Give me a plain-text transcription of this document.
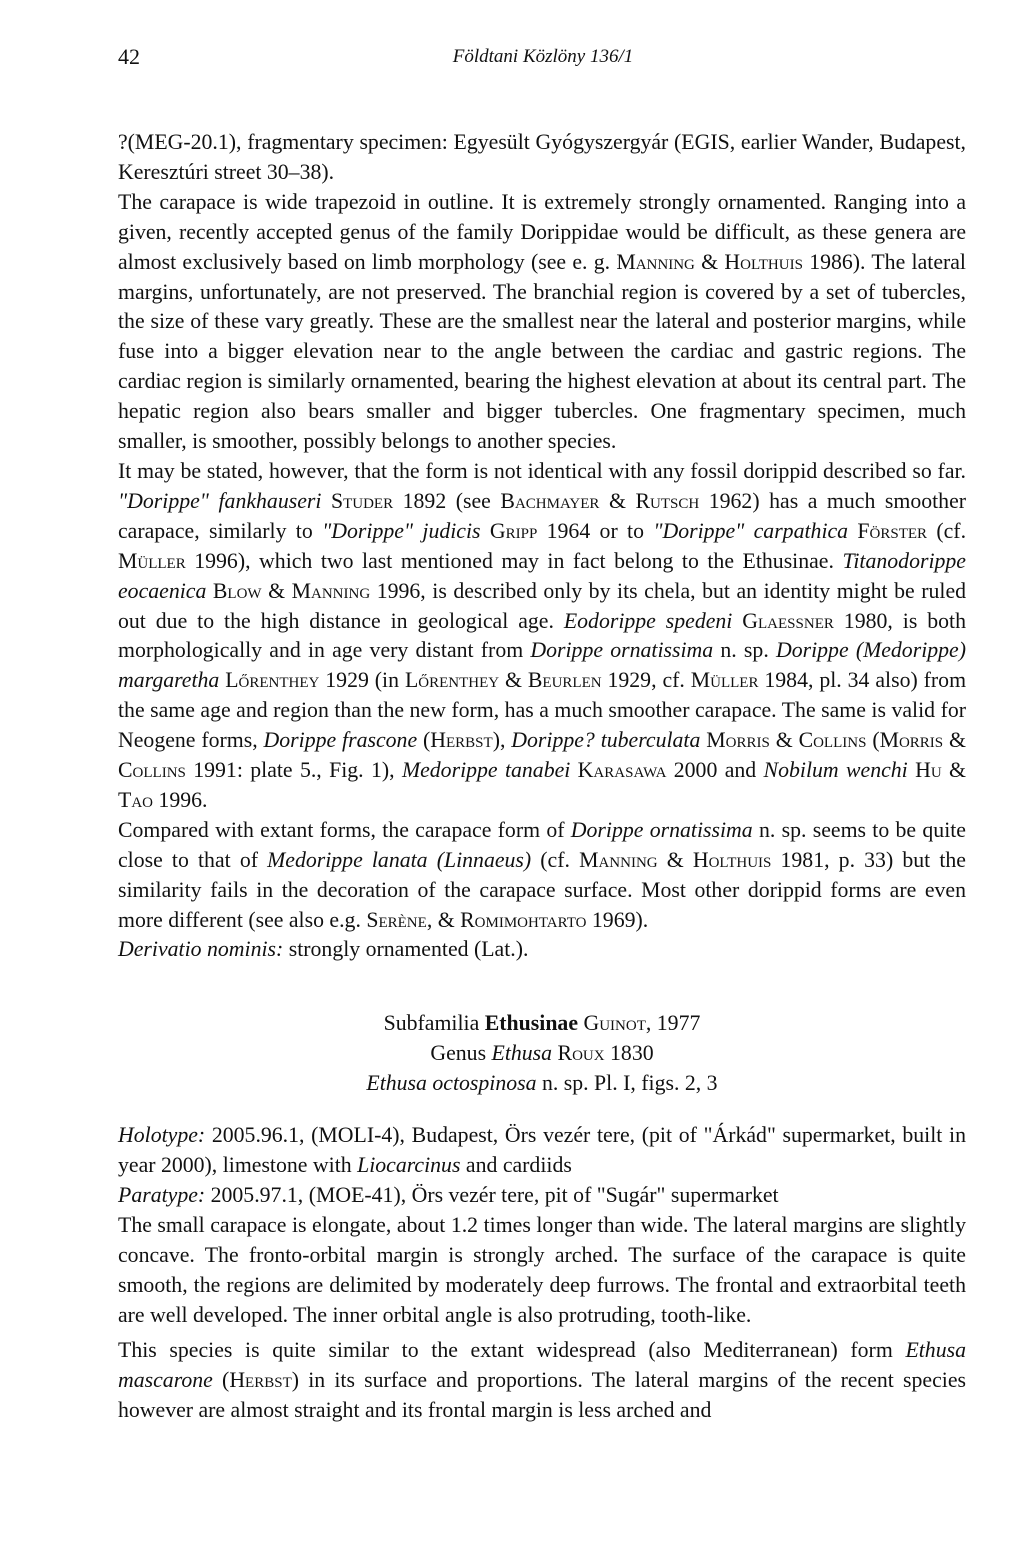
42	Földtani Közlöny 136/1

?(MEG-20.1), fragmentary specimen: Egyesült Gyógyszergyár (EGIS, earlier Wander, Budapest, Keresztúri street 30–38).
The carapace is wide trapezoid in outline. It is extremely strongly ornamented. Ranging into a given, recently accepted genus of the family Dorippidae would be difficult, as these genera are almost exclusively based on limb morphology (see e. g. Manning & Holthuis 1986). The lateral margins, unfortunately, are not preserved. The branchial region is covered by a set of tubercles, the size of these vary greatly. These are the smallest near the lateral and posterior margins, while fuse into a bigger elevation near to the angle between the cardiac and gastric regions. The cardiac region is similarly ornamented, bearing the highest elevation at about its central part. The hepatic region also bears smaller and bigger tubercles. One fragmentary specimen, much smaller, is smoother, possibly belongs to another species.

It may be stated, however, that the form is not identical with any fossil dorippid described so far. "Dorippe" fankhauseri Studer 1892 (see Bachmayer & Rutsch 1962) has a much smoother carapace, similarly to "Dorippe" judicis Gripp 1964 or to "Dorippe" carpathica Förster (cf. Müller 1996), which two last mentioned may in fact belong to the Ethusinae. Titanodorippe eocaenica Blow & Manning 1996, is described only by its chela, but an identity might be ruled out due to the high distance in geological age. Eodorippe spedeni Glaessner 1980, is both morphologically and in age very distant from Dorippe ornatissima n. sp. Dorippe (Medorippe) margaretha Lőrenthey 1929 (in Lőrenthey & Beurlen 1929, cf. Müller 1984, pl. 34 also) from the same age and region than the new form, has a much smoother carapace. The same is valid for Neogene forms, Dorippe frascone (Herbst), Dorippe? tuberculata Morris & Collins (Morris & Collins 1991: plate 5., Fig. 1), Medorippe tanabei Karasawa 2000 and Nobilum wenchi Hu & Tao 1996.

Compared with extant forms, the carapace form of Dorippe ornatissima n. sp. seems to be quite close to that of Medorippe lanata (Linnaeus) (cf. Manning & Holthuis 1981, p. 33) but the similarity fails in the decoration of the carapace surface. Most other dorippid forms are even more different (see also e.g. Serène, & Romimohtarto 1969).

Derivatio nominis: strongly ornamented (Lat.).

Subfamilia Ethusinae Guinot, 1977

Genus Ethusa Roux 1830

Ethusa octospinosa n. sp. Pl. I, figs. 2, 3

Holotype: 2005.96.1, (MOLI-4), Budapest, Örs vezér tere, (pit of "Árkád" supermarket, built in year 2000), limestone with Liocarcinus and cardiids

Paratype: 2005.97.1, (MOE-41), Örs vezér tere, pit of "Sugár" supermarket

The small carapace is elongate, about 1.2 times longer than wide. The lateral margins are slightly concave. The fronto-orbital margin is strongly arched. The surface of the carapace is quite smooth, the regions are delimited by moderately deep furrows. The frontal and extraorbital teeth are well developed. The inner orbital angle is also protruding, tooth-like.

This species is quite similar to the extant widespread (also Mediterranean) form Ethusa mascarone (Herbst) in its surface and proportions. The lateral margins of the recent species however are almost straight and its frontal margin is less arched and
